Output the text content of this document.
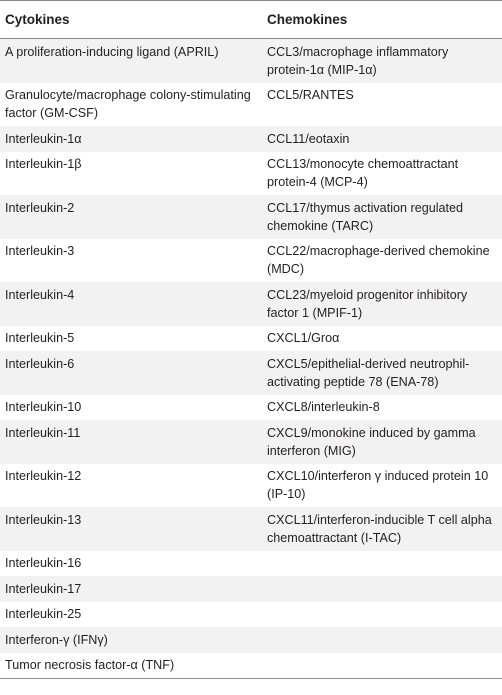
Cytokines	Chemokines
A proliferation-inducing ligand (APRIL)	CCL3/macrophage inflammatory protein-1α (MIP-1α)
Granulocyte/macrophage colony-stimulating factor (GM-CSF)	CCL5/RANTES
Interleukin-1α	CCL11/eotaxin
Interleukin-1β	CCL13/monocyte chemoattractant protein-4 (MCP-4)
Interleukin-2	CCL17/thymus activation regulated chemokine (TARC)
Interleukin-3	CCL22/macrophage-derived chemokine (MDC)
Interleukin-4	CCL23/myeloid progenitor inhibitory factor 1 (MPIF-1)
Interleukin-5	CXCL1/Groα
Interleukin-6	CXCL5/epithelial-derived neutrophil-activating peptide 78 (ENA-78)
Interleukin-10	CXCL8/interleukin-8
Interleukin-11	CXCL9/monokine induced by gamma interferon (MIG)
Interleukin-12	CXCL10/interferon γ induced protein 10 (IP-10)
Interleukin-13	CXCL11/interferon-inducible T cell alpha chemoattractant (I-TAC)
Interleukin-16	
Interleukin-17	
Interleukin-25	
Interferon-γ (IFNγ)	
Tumor necrosis factor-α (TNF)	
